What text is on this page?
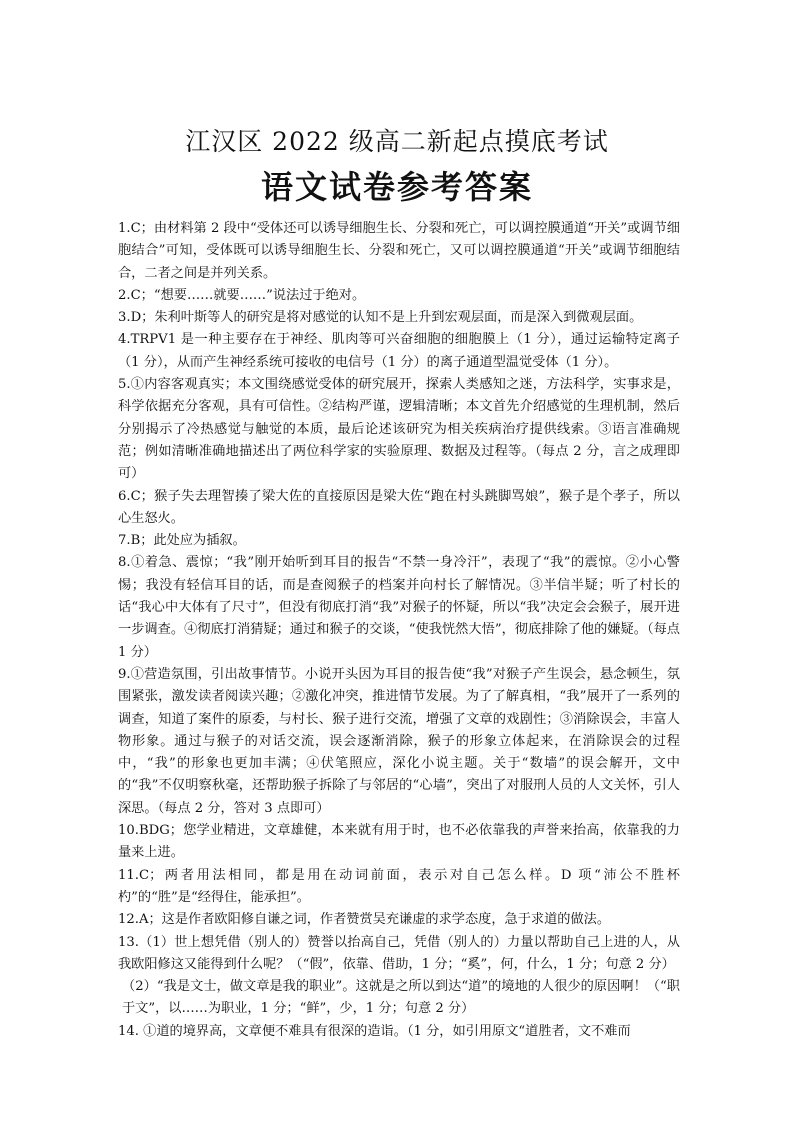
江汉区 2022 级高二新起点摸底考试
语文试卷参考答案

1.C；由材料第 2 段中“受体还可以诱导细胞生长、分裂和死亡，可以调控膜通道“开关”或调节细胞结合”可知，受体既可以诱导细胞生长、分裂和死亡，又可以调控膜通道“开关”或调节细胞结合，二者之间是并列关系。

2.C；“想要……就要……”说法过于绝对。

3.D；朱利叶斯等人的研究是将对感觉的认知不是上升到宏观层面，而是深入到微观层面。

4.TRPV1 是一种主要存在于神经、肌肉等可兴奋细胞的细胞膜上（1 分），通过运输特定离子（1 分），从而产生神经系统可接收的电信号（1 分）的离子通道型温觉受体（1 分）。

5.①内容客观真实；本文围绕感觉受体的研究展开，探索人类感知之迷，方法科学，实事求是，科学依据充分客观，具有可信性。②结构严谨，逻辑清晰；本文首先介绍感觉的生理机制，然后分别揭示了冷热感觉与触觉的本质，最后论述该研究为相关疾病治疗提供线索。③语言准确规范；例如清晰准确地描述出了两位科学家的实验原理、数据及过程等。（每点 2 分，言之成理即可）

6.C；猴子失去理智揍了梁大佐的直接原因是梁大佐“跑在村头跳脚骂娘”，猴子是个孝子，所以心生怒火。

7.B；此处应为插叙。

8.①着急、震惊；“我”刚开始听到耳目的报告“不禁一身冷汗”，表现了“我”的震惊。②小心警惕；我没有轻信耳目的话，而是查阅猴子的档案并向村长了解情况。③半信半疑；听了村长的话“我心中大体有了尺寸”，但没有彻底打消“我”对猴子的怀疑，所以“我”决定会会猴子，展开进一步调查。④彻底打消猜疑；通过和猴子的交谈，“使我恍然大悟”，彻底排除了他的嫌疑。（每点 1 分）

9.①营造氛围，引出故事情节。小说开头因为耳目的报告使“我”对猴子产生误会，悬念顿生，氛围紧张，激发读者阅读兴趣；②激化冲突，推进情节发展。为了了解真相，“我”展开了一系列的调查，知道了案件的原委，与村长、猴子进行交流，增强了文章的戏剧性；③消除误会，丰富人物形象。通过与猴子的对话交流，误会逐渐消除，猴子的形象立体起来，在消除误会的过程中，“我”的形象也更加丰满；④伏笔照应，深化小说主题。关于“数墙”的误会解开，文中的“我”不仅明察秋毫，还帮助猴子拆除了与邻居的“心墙”，突出了对服刑人员的人文关怀，引人深思。（每点 2 分，答对 3 点即可）

10.BDG；您学业精进，文章雄健，本来就有用于时，也不必依靠我的声誉来抬高，依靠我的力量来上进。

11.C；两者用法相同，都是用在动词前面，表示对自己怎么样。D 项“沛公不胜杯杓”的“胜”是“经得住，能承担”。

12.A；这是作者欧阳修自谦之词，作者赞赏吴充谦虚的求学态度，急于求道的做法。

13.（1）世上想凭借（别人的）赞誉以抬高自己，凭借（别人的）力量以帮助自己上进的人，从我欧阳修这又能得到什么呢？（“假”，依靠、借助，1 分；“奚”，何，什么，1 分；句意 2 分）

（2）“我是文士，做文章是我的职业”。这就是之所以到达“道”的境地的人很少的原因啊！（“职于文”，以……为职业，1 分；“鲜”，少，1 分；句意 2 分）

14. ①道的境界高，文章便不难具有很深的造诣。（1 分，如引用原文“道胜者，文不难而
